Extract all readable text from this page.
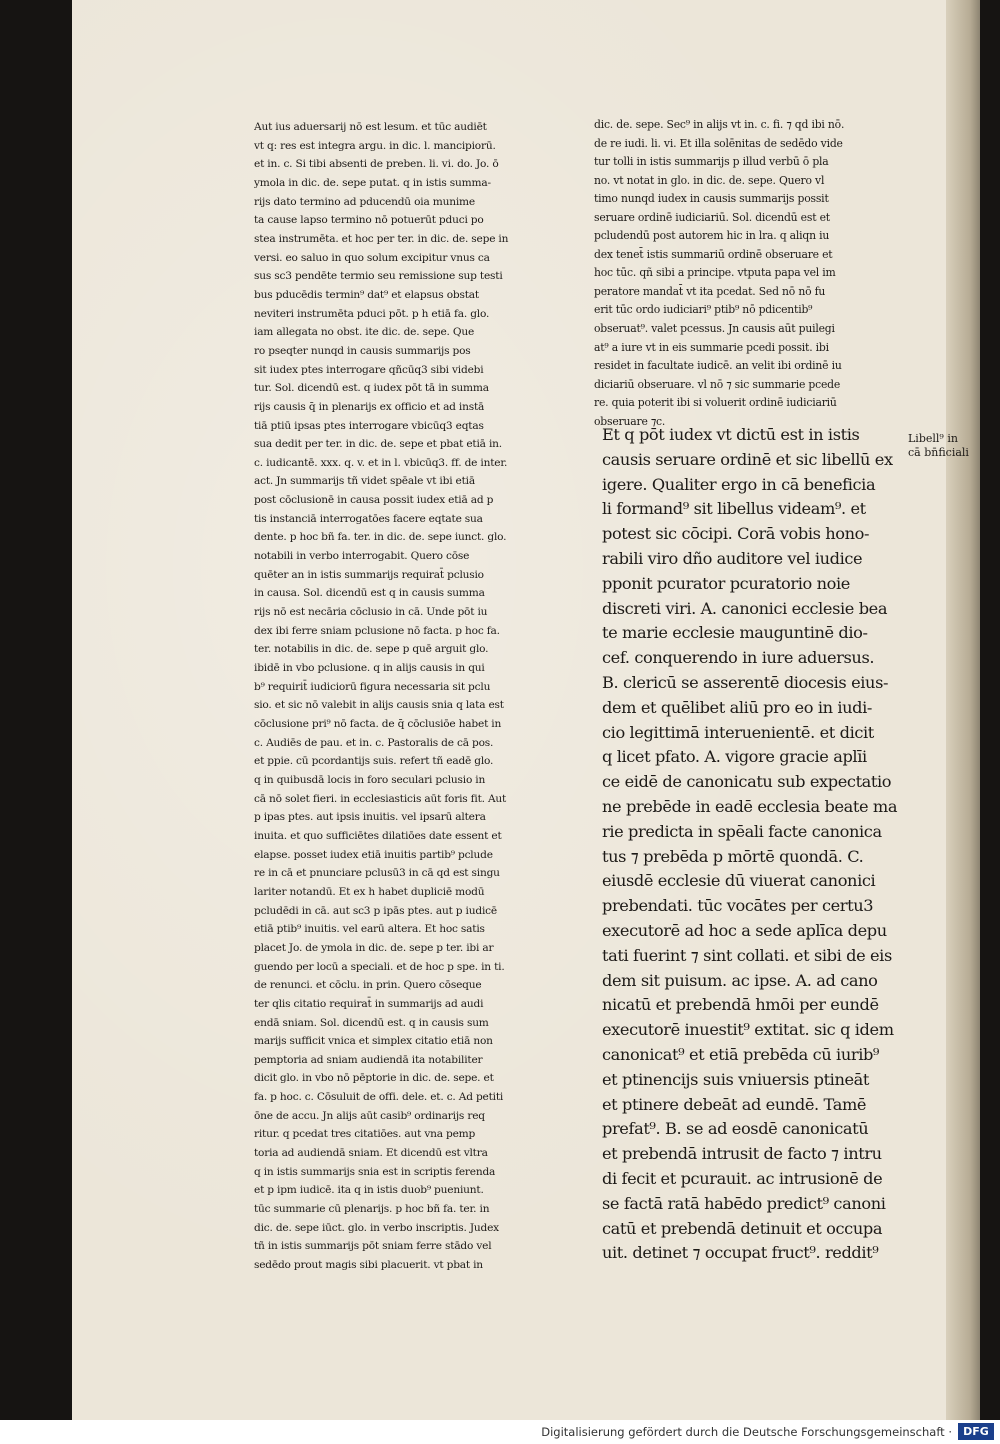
Aut ius aduersarij nō est lesum. et tūc audiēt
vt q: res est integra argu. in dic. l. mancipiorū.
et in. c. Si tibi absenti de preben. li. vi. do. Jo. ō
ymola in dic. de. sepe putat. q in istis summa-
rijs dato termino ad pducendū oia munime
ta cause lapso termino nō potuerūt pduci po
stea instrumēta. et hoc per ter. in dic. de. sepe in
versi. eo saluo in quo solum excipitur vnus ca
sus sc3 pendēte termio seu remissione sup testi
bus pducēdis termin⁹ dat⁹ et elapsus obstat
neviteri instrumēta pduci pōt. p h etiā fa. glo.
iam allegata no obst. ite dic. de. sepe. Que
ro pseqter nunqd in causis summarijs pos
sit iudex ptes interrogare qñcūq3 sibi videbi
tur. Sol. dicendū est. q iudex pōt tā in summa
rijs causis q̄ in plenarijs ex officio et ad instā
tiā ptiū ipsas ptes interrogare vbicūq3 eqtas
sua dedit per ter. in dic. de. sepe et pbat etiā in.
c. iudicantē. xxx. q. v. et in l. vbicūq3. ff. de inter.
act. Jn summarijs tñ videt spēale vt ibi etiā
post cōclusionē in causa possit iudex etiā ad p
tis instanciā interrogatōes facere eqtate sua
dente. p hoc bñ fa. ter. in dic. de. sepe iunct. glo.
notabili in verbo interrogabit. Quero cōse
quēter an in istis summarijs requirat̄ pclusio
in causa. Sol. dicendū est q in causis summa
rijs nō est necāria cōclusio in cā. Unde pōt iu
dex ibi ferre sniam pclusione nō facta. p hoc fa.
ter. notabilis in dic. de. sepe p quē arguit glo.
ibidē in vbo pclusione. q in alijs causis in qui
b⁹ requirit̄ iudiciorū figura necessaria sit pclu
sio. et sic nō valebit in alijs causis snia q lata est
cōclusione pri⁹ nō facta. de q̄ cōclusiōe habet in
c. Audiēs de pau. et in. c. Pastoralis de cā pos.
et ppie. cū pcordantijs suis. refert tñ eadē glo.
q in quibusdā locis in foro seculari pclusio in
cā nō solet fieri. in ecclesiasticis aūt foris fit. Aut
p ipas ptes. aut ipsis inuitis. vel ipsarū altera
inuita. et quo sufficiētes dilatiōes date essent et
elapse. posset iudex etiā inuitis partib⁹ pclude
re in cā et pnunciare pclusū3 in cā qd est singu
lariter notandū. Et ex h habet dupliciē modū
pcludēdi in cā. aut sc3 p ipās ptes. aut p iudicē
etiā ptib⁹ inuitis. vel earū altera. Et hoc satis
placet Jo. de ymola in dic. de. sepe p ter. ibi ar
guendo per locū a speciali. et de hoc p spe. in ti.
de renunci. et cōclu. in prin. Quero cōseque
ter qlis citatio requirat̄ in summarijs ad audi
endā sniam. Sol. dicendū est. q in causis sum
marijs sufficit vnica et simplex citatio etiā non
pemptoria ad sniam audiendā ita notabiliter
dicit glo. in vbo nō pēptorie in dic. de. sepe. et
fa. p hoc. c. Cōsuluit de offi. dele. et. c. Ad petiti
ōne de accu. Jn alijs aūt casib⁹ ordinarijs req
ritur. q pcedat tres citatiōes. aut vna pemp
toria ad audiendā sniam. Et dicendū est vltra
q in istis summarijs snia est in scriptis ferenda
et p ipm iudicē. ita q in istis duob⁹ pueniunt.
tūc summarie cū plenarijs. p hoc bñ fa. ter. in
dic. de. sepe iūct. glo. in verbo inscriptis. Judex
tñ in istis summarijs pōt sniam ferre stādo vel
sedēdo prout magis sibi placuerit. vt pbat in
dic. de. sepe. Sec⁹ in alijs vt in. c. fi. ⁊ qd ibi nō.
de re iudi. li. vi. Et illa solēnitas de sedēdo vide
tur tolli in istis summarijs p illud verbū ō pla
no. vt notat in glo. in dic. de. sepe. Quero vl
timo nunqd iudex in causis summarijs possit
seruare ordinē iudiciariū. Sol. dicendū est et
pcludendū post autorem hic in lra. q aliqn iu
dex tenet̄ istis summariū ordinē obseruare et
hoc tūc. qñ sibi a principe. vtputa papa vel im
peratore mandat̄ vt ita pcedat. Sed nō nō fu
erit tūc ordo iudiciari⁹ ptib⁹ nō pdicentib⁹
obseruat⁹. valet pcessus. Jn causis aūt puilegi
at⁹ a iure vt in eis summarie pcedi possit. ibi
residet in facultate iudicē. an velit ibi ordinē iu
diciariū obseruare. vl nō ⁊ sic summarie pcede
re. quia poterit ibi si voluerit ordinē iudiciariū
obseruare ⁊c.
Et q pōt iudex vt dictū est in istis
causis seruare ordinē et sic libellū ex
igere. Qualiter ergo in cā beneficia
li formand⁹ sit libellus videam⁹. et
potest sic cōcipi. Corā vobis hono-
rabili viro dño auditore vel iudice
pponit pcurator pcuratorio noie
discreti viri. A. canonici ecclesie bea
te marie ecclesie mauguntinē dio-
cef. conquerendo in iure aduersus.
B. clericū se asserentē diocesis eius-
dem et quēlibet aliū pro eo in iudi-
cio legittimā interuenientē. et dicit
q licet pfato. A. vigore gracie aplīi
ce eidē de canonicatu sub expectatio
ne prebēde in eadē ecclesia beate ma
rie predicta in spēali facte canonica
tus ⁊ prebēda p mōrtē quondā. C.
eiusdē ecclesie dū viuerat canonici
prebendati. tūc vocātes per certu3
executorē ad hoc a sede aplīca depu
tati fuerint ⁊ sint collati. et sibi de eis
dem sit puisum. ac ipse. A. ad cano
nicatū et prebendā hmōi per eundē
executorē inuestit⁹ extitat. sic q idem
canonicat⁹ et etiā prebēda cū iurib⁹
et ptinencijs suis vniuersis ptineāt
et ptinere debeāt ad eundē. Tamē
prefat⁹. B. se ad eosdē canonicatū
et prebendā intrusit de facto ⁊ intru
di fecit et pcurauit. ac intrusionē de
se factā ratā habēdo predict⁹ canoni
catū et prebendā detinuit et occupa
uit. detinet ⁊ occupat fruct⁹. reddit⁹
Libell⁹ in
cā bn̄ficiali
Digitalisierung gefördert durch die Deutsche Forschungsgemeinschaft ·	DFG
